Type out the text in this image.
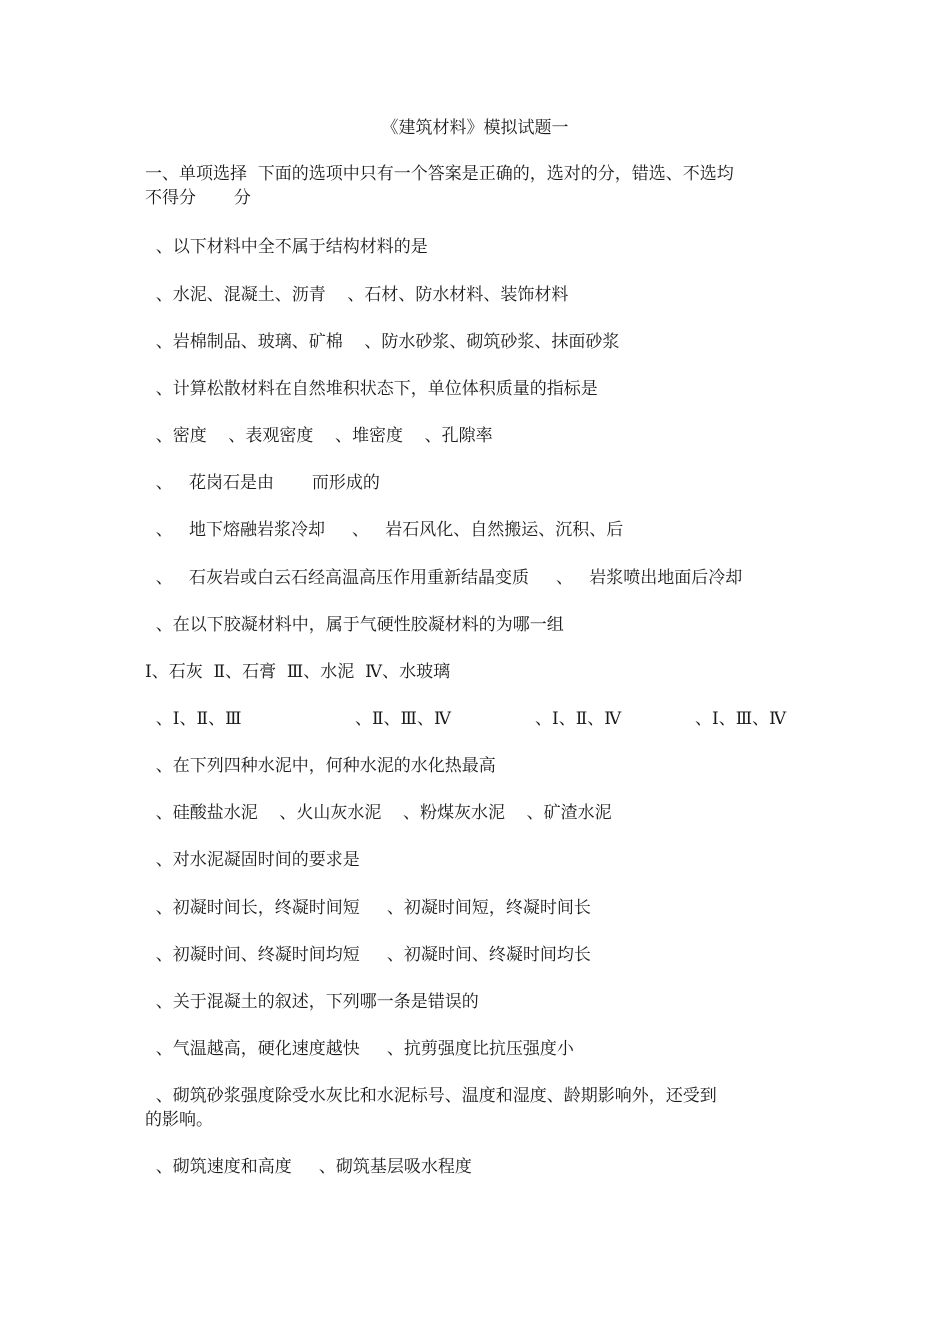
《建筑材料》模拟试题一
一、单项选择  下面的选项中只有一个答案是正确的，选对的分，错选、不选均
不得分       分
、以下材料中全不属于结构材料的是
、水泥、混凝土、沥青    、石材、防水材料、装饰材料
、岩棉制品、玻璃、矿棉    、防水砂浆、砌筑砂浆、抹面砂浆
、计算松散材料在自然堆积状态下，单位体积质量的指标是
、密度    、表观密度    、堆密度    、孔隙率
、   花岗石是由       而形成的
、   地下熔融岩浆冷却     、   岩石风化、自然搬运、沉积、后
、   石灰岩或白云石经高温高压作用重新结晶变质     、   岩浆喷出地面后冷却
、在以下胶凝材料中，属于气硬性胶凝材料的为哪一组
Ⅰ、石灰  Ⅱ、石膏  Ⅲ、水泥  Ⅳ、水玻璃

、Ⅰ、Ⅱ、Ⅲ

	、Ⅱ、Ⅲ、Ⅳ

	、Ⅰ、Ⅱ、Ⅳ

	、Ⅰ、Ⅲ、Ⅳ

、在下列四种水泥中，何种水泥的水化热最高
、硅酸盐水泥    、火山灰水泥    、粉煤灰水泥    、矿渣水泥
、对水泥凝固时间的要求是
、初凝时间长，终凝时间短     、初凝时间短，终凝时间长
、初凝时间、终凝时间均短     、初凝时间、终凝时间均长
、关于混凝土的叙述，下列哪一条是错误的
、气温越高，硬化速度越快     、抗剪强度比抗压强度小
、砌筑砂浆强度除受水灰比和水泥标号、温度和湿度、龄期影响外，还受到
的影响。
、砌筑速度和高度     、砌筑基层吸水程度
